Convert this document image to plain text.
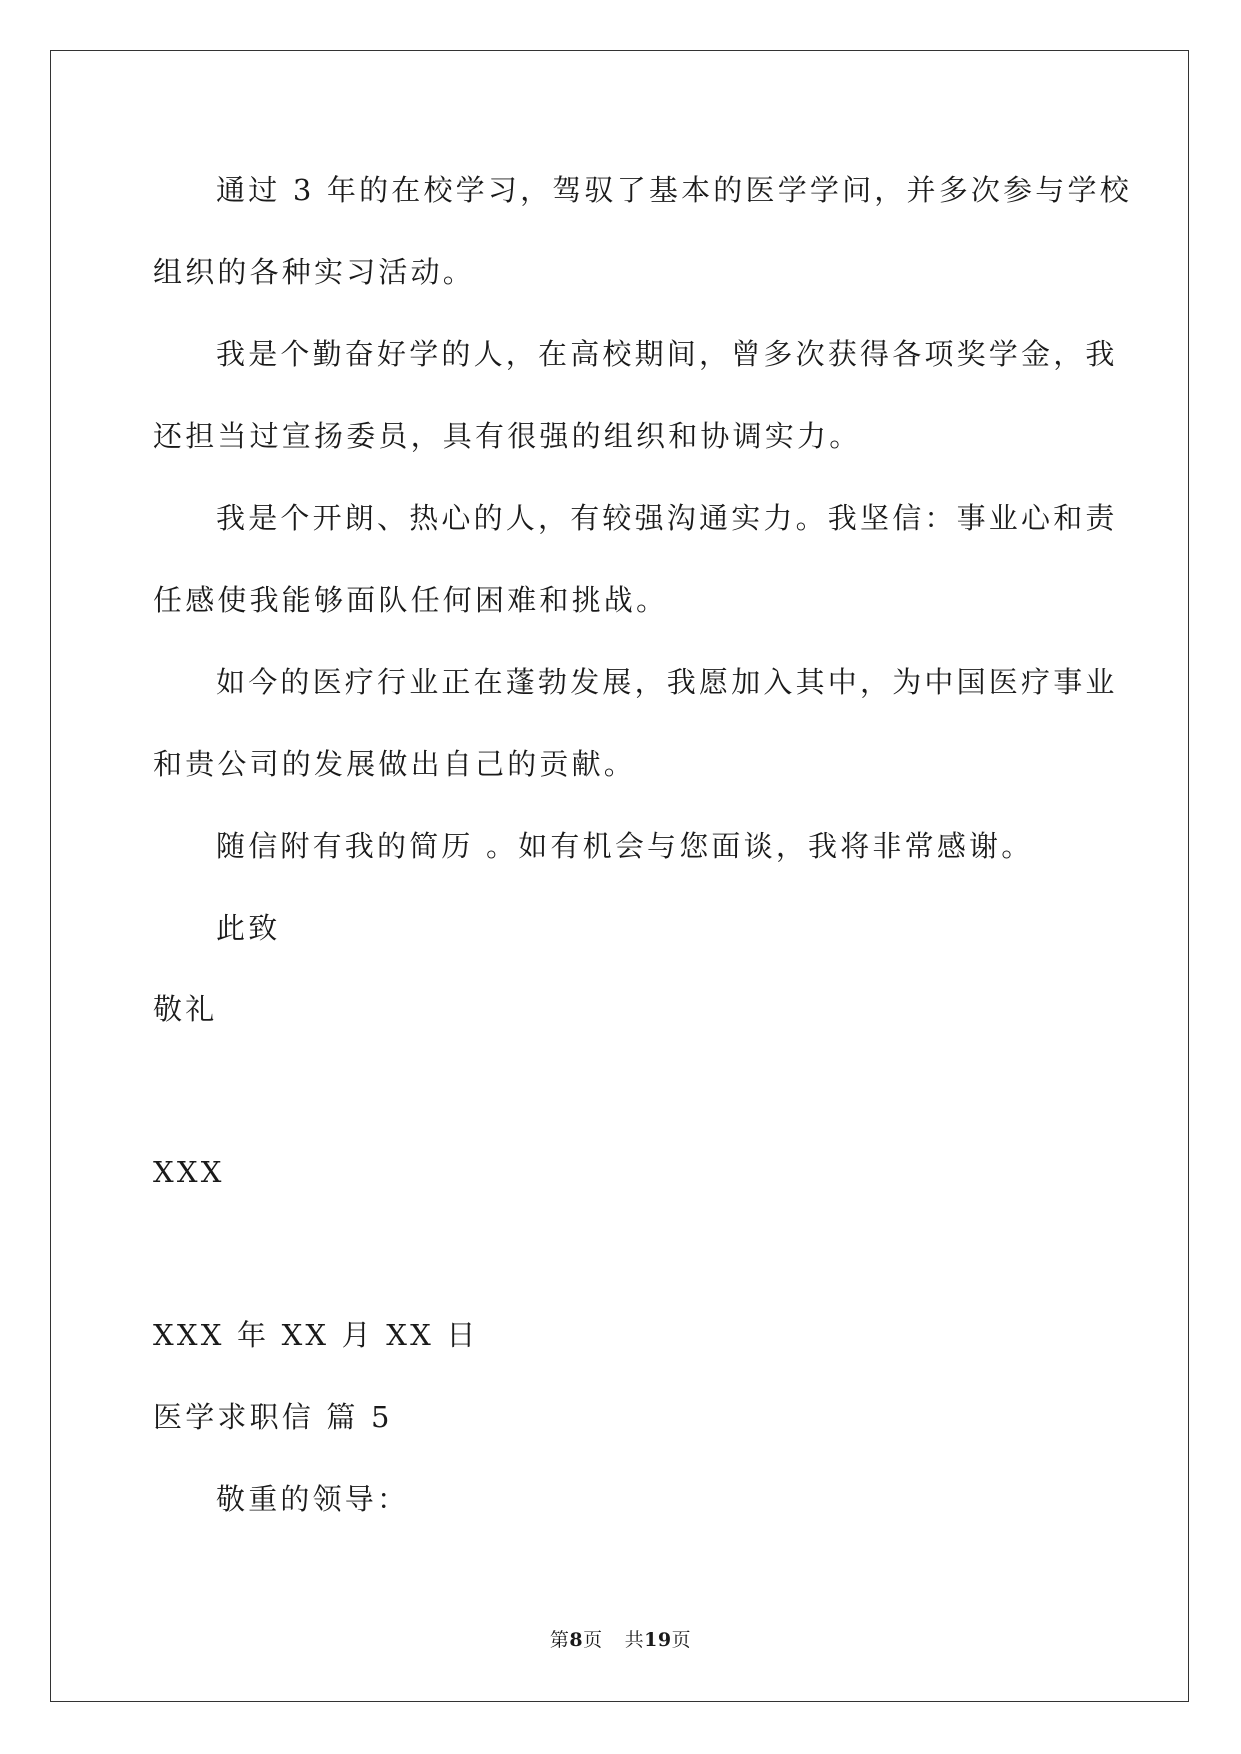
通过 3 年的在校学习，驾驭了基本的医学学问，并多次参与学校

组织的各种实习活动。

我是个勤奋好学的人，在高校期间，曾多次获得各项奖学金，我

还担当过宣扬委员，具有很强的组织和协调实力。

我是个开朗、热心的人，有较强沟通实力。我坚信：事业心和责

任感使我能够面队任何困难和挑战。

如今的医疗行业正在蓬勃发展，我愿加入其中，为中国医疗事业

和贵公司的发展做出自己的贡献。

随信附有我的简历 。如有机会与您面谈，我将非常感谢。

此致

敬礼

XXX

XXX 年 XX 月 XX 日

医学求职信 篇 5

敬重的领导：

第8页 共19页
